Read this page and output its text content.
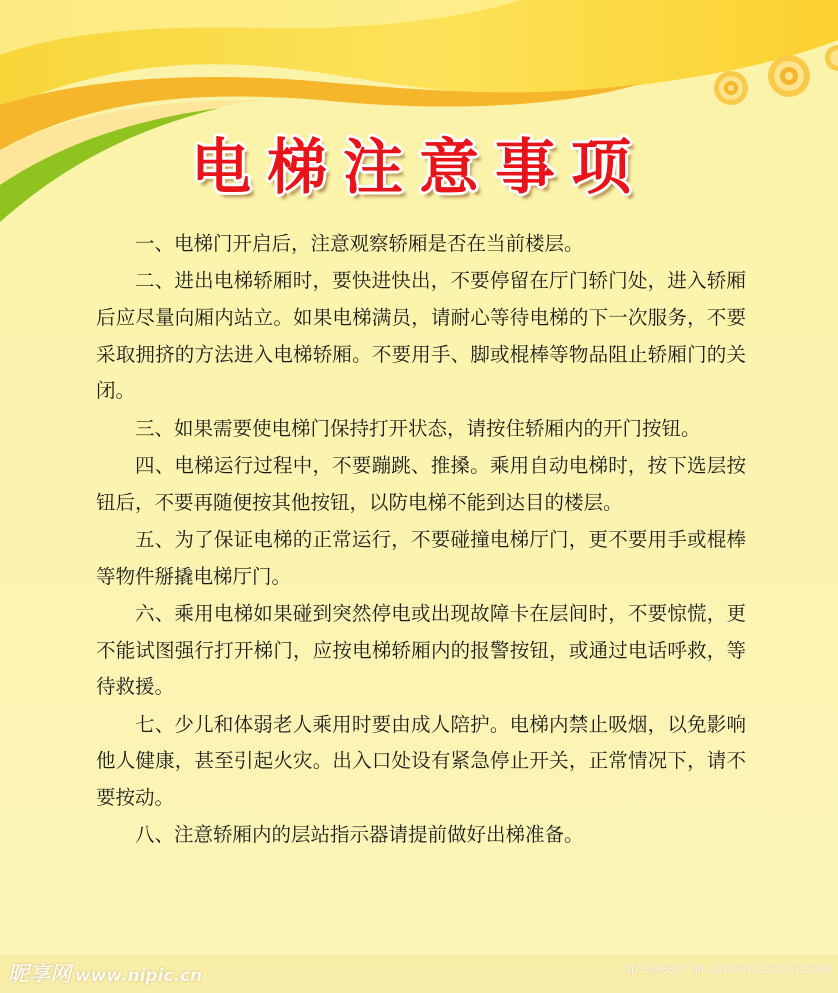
电梯注意事项

一、电梯门开启后，注意观察轿厢是否在当前楼层。

二、进出电梯轿厢时，要快进快出，不要停留在厅门轿门处，进入轿厢后应尽量向厢内站立。如果电梯满员，请耐心等待电梯的下一次服务，不要采取拥挤的方法进入电梯轿厢。不要用手、脚或棍棒等物品阻止轿厢门的关闭。

三、如果需要使电梯门保持打开状态，请按住轿厢内的开门按钮。

四、电梯运行过程中，不要蹦跳、推搡。乘用自动电梯时，按下选层按钮后，不要再随便按其他按钮，以防电梯不能到达目的楼层。

五、为了保证电梯的正常运行，不要碰撞电梯厅门，更不要用手或棍棒等物件掰撬电梯厅门。

六、乘用电梯如果碰到突然停电或出现故障卡在层间时，不要惊慌，更不能试图强行打开梯门，应按电梯轿厢内的报警按钮，或通过电话呼救，等待救援。

七、少儿和体弱老人乘用时要由成人陪护。电梯内禁止吸烟，以免影响他人健康，甚至引起火灾。出入口处设有紧急停止开关，正常情况下，请不要按动。

八、注意轿厢内的层站指示器请提前做好出梯准备。

昵享网 www.nipic.cn	ID:5965891 NO:20180611115526332000
